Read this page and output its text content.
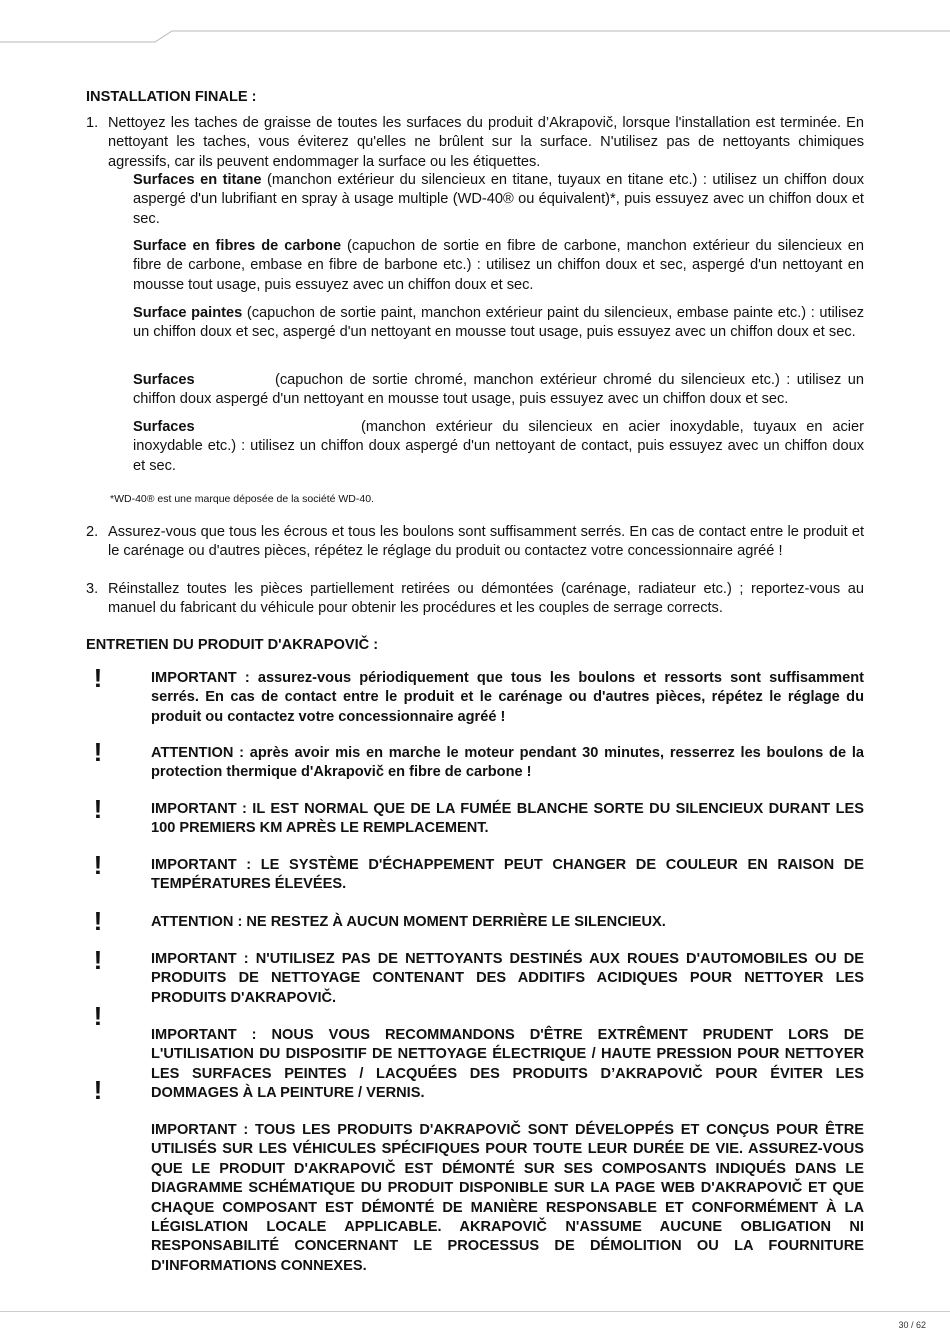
INSTALLATION FINALE :
1. Nettoyez les taches de graisse de toutes les surfaces du produit d’Akrapovič, lorsque l'installation est terminée. En nettoyant les taches, vous éviterez qu'elles ne brûlent sur la surface. N'utilisez pas de nettoyants chimiques agressifs, car ils peuvent endommager la surface ou les étiquettes.

Surfaces en titane (manchon extérieur du silencieux en titane, tuyaux en titane etc.) : utilisez un chiffon doux aspergé d'un lubrifiant en spray à usage multiple (WD-40® ou équivalent)*, puis essuyez avec un chiffon doux et sec.

Surface en fibres de carbone (capuchon de sortie en fibre de carbone, manchon extérieur du silencieux en fibre de carbone, embase en fibre de barbone etc.) : utilisez un chiffon doux et sec, aspergé d'un nettoyant en mousse tout usage, puis essuyez avec un chiffon doux et sec.

Surface paintes (capuchon de sortie paint, manchon extérieur paint du silencieux, embase painte etc.) : utilisez un chiffon doux et sec, aspergé d'un nettoyant en mousse tout usage, puis essuyez avec un chiffon doux et sec.

Surfaces	(capuchon de sortie chromé, manchon extérieur chromé du silencieux etc.) : utilisez un chiffon doux aspergé d'un nettoyant en mousse tout usage, puis essuyez avec un chiffon doux et sec.

Surfaces	(manchon extérieur du silencieux en acier inoxydable, tuyaux en acier inoxydable etc.) : utilisez un chiffon doux aspergé d'un nettoyant de contact, puis essuyez avec un chiffon doux et sec.

*WD-40® est une marque déposée de la société WD-40.
2. Assurez-vous que tous les écrous et tous les boulons sont suffisamment serrés. En cas de contact entre le produit et le carénage ou d'autres pièces, répétez le réglage du produit ou contactez votre concessionnaire agréé !

3. Réinstallez toutes les pièces partiellement retirées ou démontées (carénage, radiateur etc.) ; reportez-vous au manuel du fabricant du véhicule pour obtenir les procédures et les couples de serrage corrects.

ENTRETIEN DU PRODUIT D'AKRAPOVIČ :
!
!
!
!
!
!
!
!

IMPORTANT : assurez-vous périodiquement que tous les boulons et ressorts sont suffisamment serrés. En cas de contact entre le produit et le carénage ou d'autres pièces, répétez le réglage du produit ou contactez votre concessionnaire agréé !

ATTENTION : après avoir mis en marche le moteur pendant 30 minutes, resserrez les boulons de la protection thermique d'Akrapovič en fibre de carbone !

IMPORTANT : IL EST NORMAL QUE DE LA FUMÉE BLANCHE SORTE DU SILENCIEUX DURANT LES 100 PREMIERS KM APRÈS LE REMPLACEMENT.

IMPORTANT : LE SYSTÈME D'ÉCHAPPEMENT PEUT CHANGER DE COULEUR EN RAISON DE TEMPÉRATURES ÉLEVÉES.

ATTENTION : NE RESTEZ À AUCUN MOMENT DERRIÈRE LE SILENCIEUX.

IMPORTANT : N'UTILISEZ PAS DE NETTOYANTS DESTINÉS AUX ROUES D'AUTOMOBILES OU DE PRODUITS DE NETTOYAGE CONTENANT DES ADDITIFS ACIDIQUES POUR NETTOYER LES PRODUITS D'AKRAPOVIČ.

IMPORTANT : NOUS VOUS RECOMMANDONS D'ÊTRE EXTRÊMENT PRUDENT LORS DE L'UTILISATION DU DISPOSITIF DE NETTOYAGE ÉLECTRIQUE / HAUTE PRESSION POUR NETTOYER LES SURFACES PEINTES / LACQUÉES DES PRODUITS D’AKRAPOVIČ POUR ÉVITER LES DOMMAGES À LA PEINTURE / VERNIS.

IMPORTANT : TOUS LES PRODUITS D'AKRAPOVIČ SONT DÉVELOPPÉS ET CONÇUS POUR ÊTRE UTILISÉS SUR LES VÉHICULES SPÉCIFIQUES POUR TOUTE LEUR DURÉE DE VIE. ASSUREZ-VOUS QUE LE PRODUIT D'AKRAPOVIČ EST DÉMONTÉ SUR SES COMPOSANTS INDIQUÉS DANS LE DIAGRAMME SCHÉMATIQUE DU PRODUIT DISPONIBLE SUR LA PAGE WEB D'AKRAPOVIČ ET QUE CHAQUE COMPOSANT EST DÉMONTÉ DE MANIÈRE RESPONSABLE ET CONFORMÉMENT À LA LÉGISLATION LOCALE APPLICABLE. AKRAPOVIČ N'ASSUME AUCUNE OBLIGATION NI RESPONSABILITÉ CONCERNANT LE PROCESSUS DE DÉMOLITION OU LA FOURNITURE D'INFORMATIONS CONNEXES.

30 / 62
